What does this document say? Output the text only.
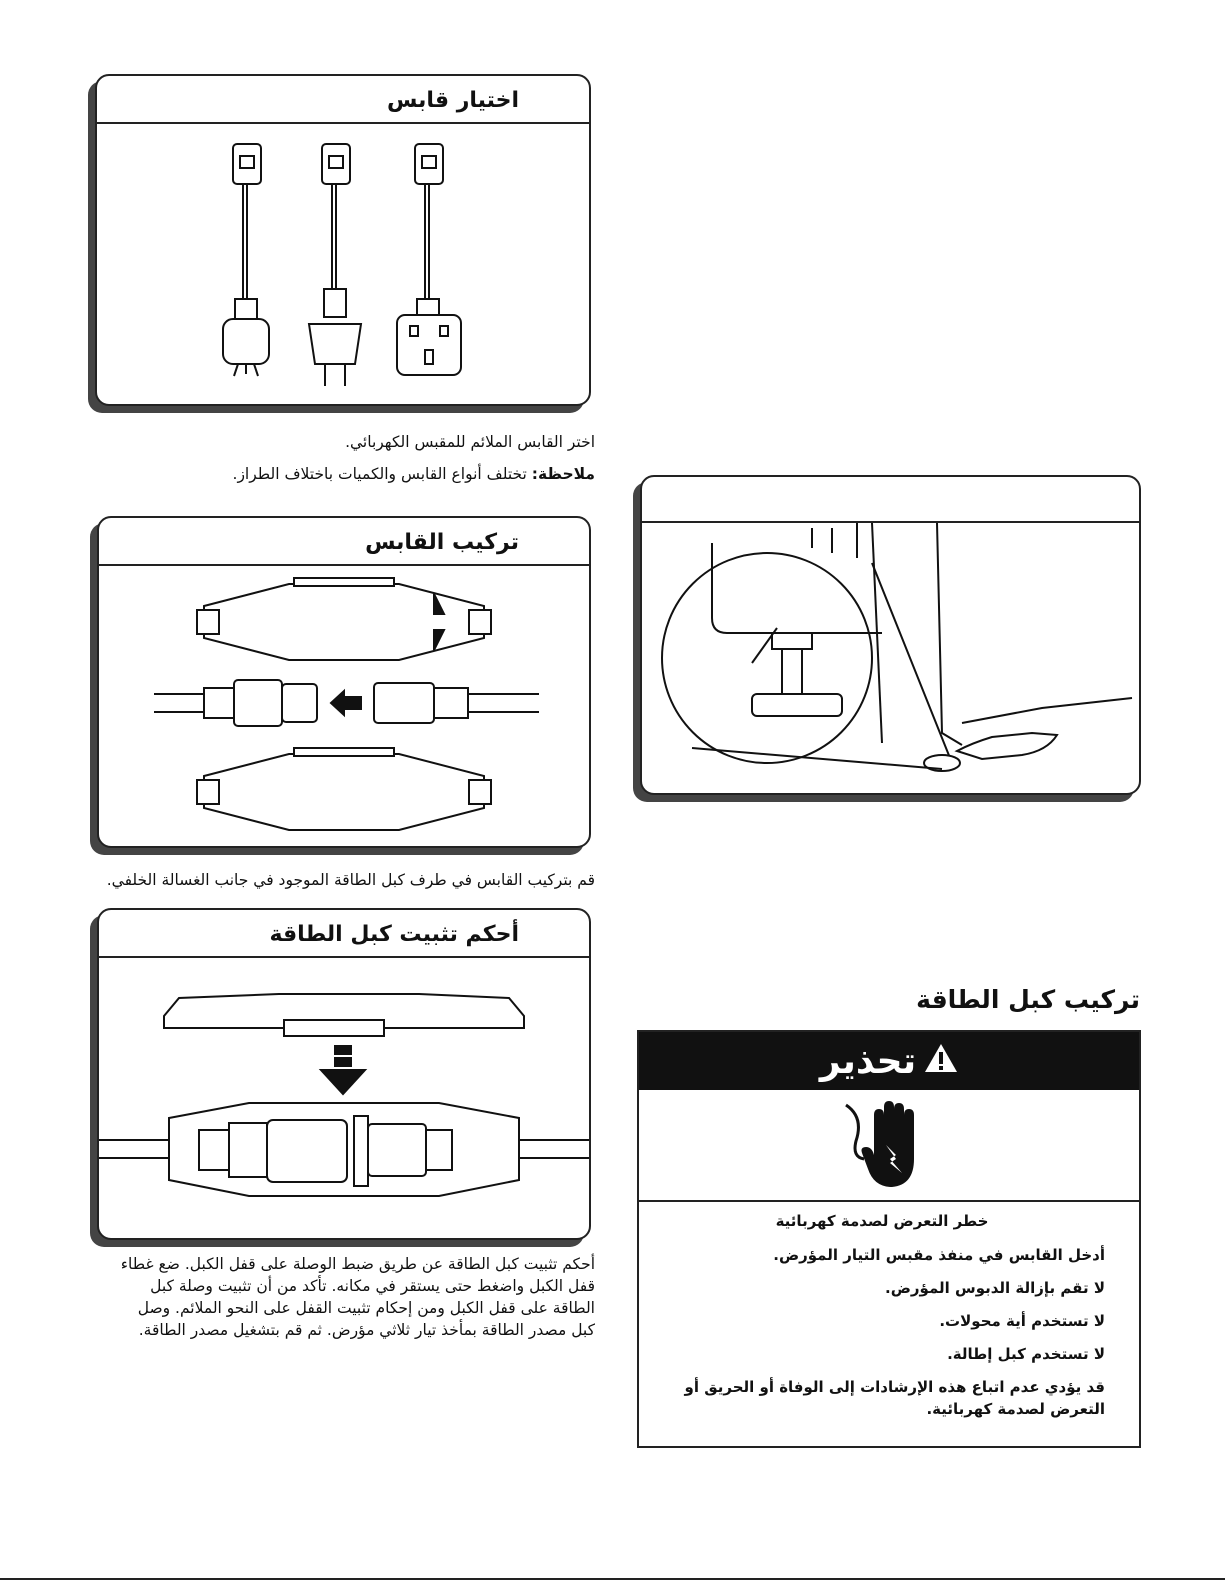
اختيار قابس
اختر القابس الملائم للمقبس الكهربائي.
ملاحظة: تختلف أنواع القابس والكميات باختلاف الطراز.
تركيب القابس
قم بتركيب القابس في طرف كبل الطاقة الموجود في جانب الغسالة الخلفي.
أحكم تثبيت كبل الطاقة
أحكم تثبيت كبل الطاقة عن طريق ضبط الوصلة على قفل الكبل. ضع غطاء قفل الكبل واضغط حتى يستقر في مكانه. تأكد من أن تثبيت وصلة كبل الطاقة على قفل الكبل ومن إحكام تثبيت القفل على النحو الملائم. وصل كبل مصدر الطاقة بمأخذ تيار ثلاثي مؤرض. ثم قم بتشغيل مصدر الطاقة.
تركيب كبل الطاقة
تحذير
خطر التعرض لصدمة كهربائية
أدخل القابس في منفذ مقبس التيار المؤرض.
لا تقم بإزالة الدبوس المؤرض.
لا تستخدم أية محولات.
لا تستخدم كبل إطالة.
قد يؤدي عدم اتباع هذه الإرشادات إلى الوفاة أو الحريق أو التعرض لصدمة كهربائية.
